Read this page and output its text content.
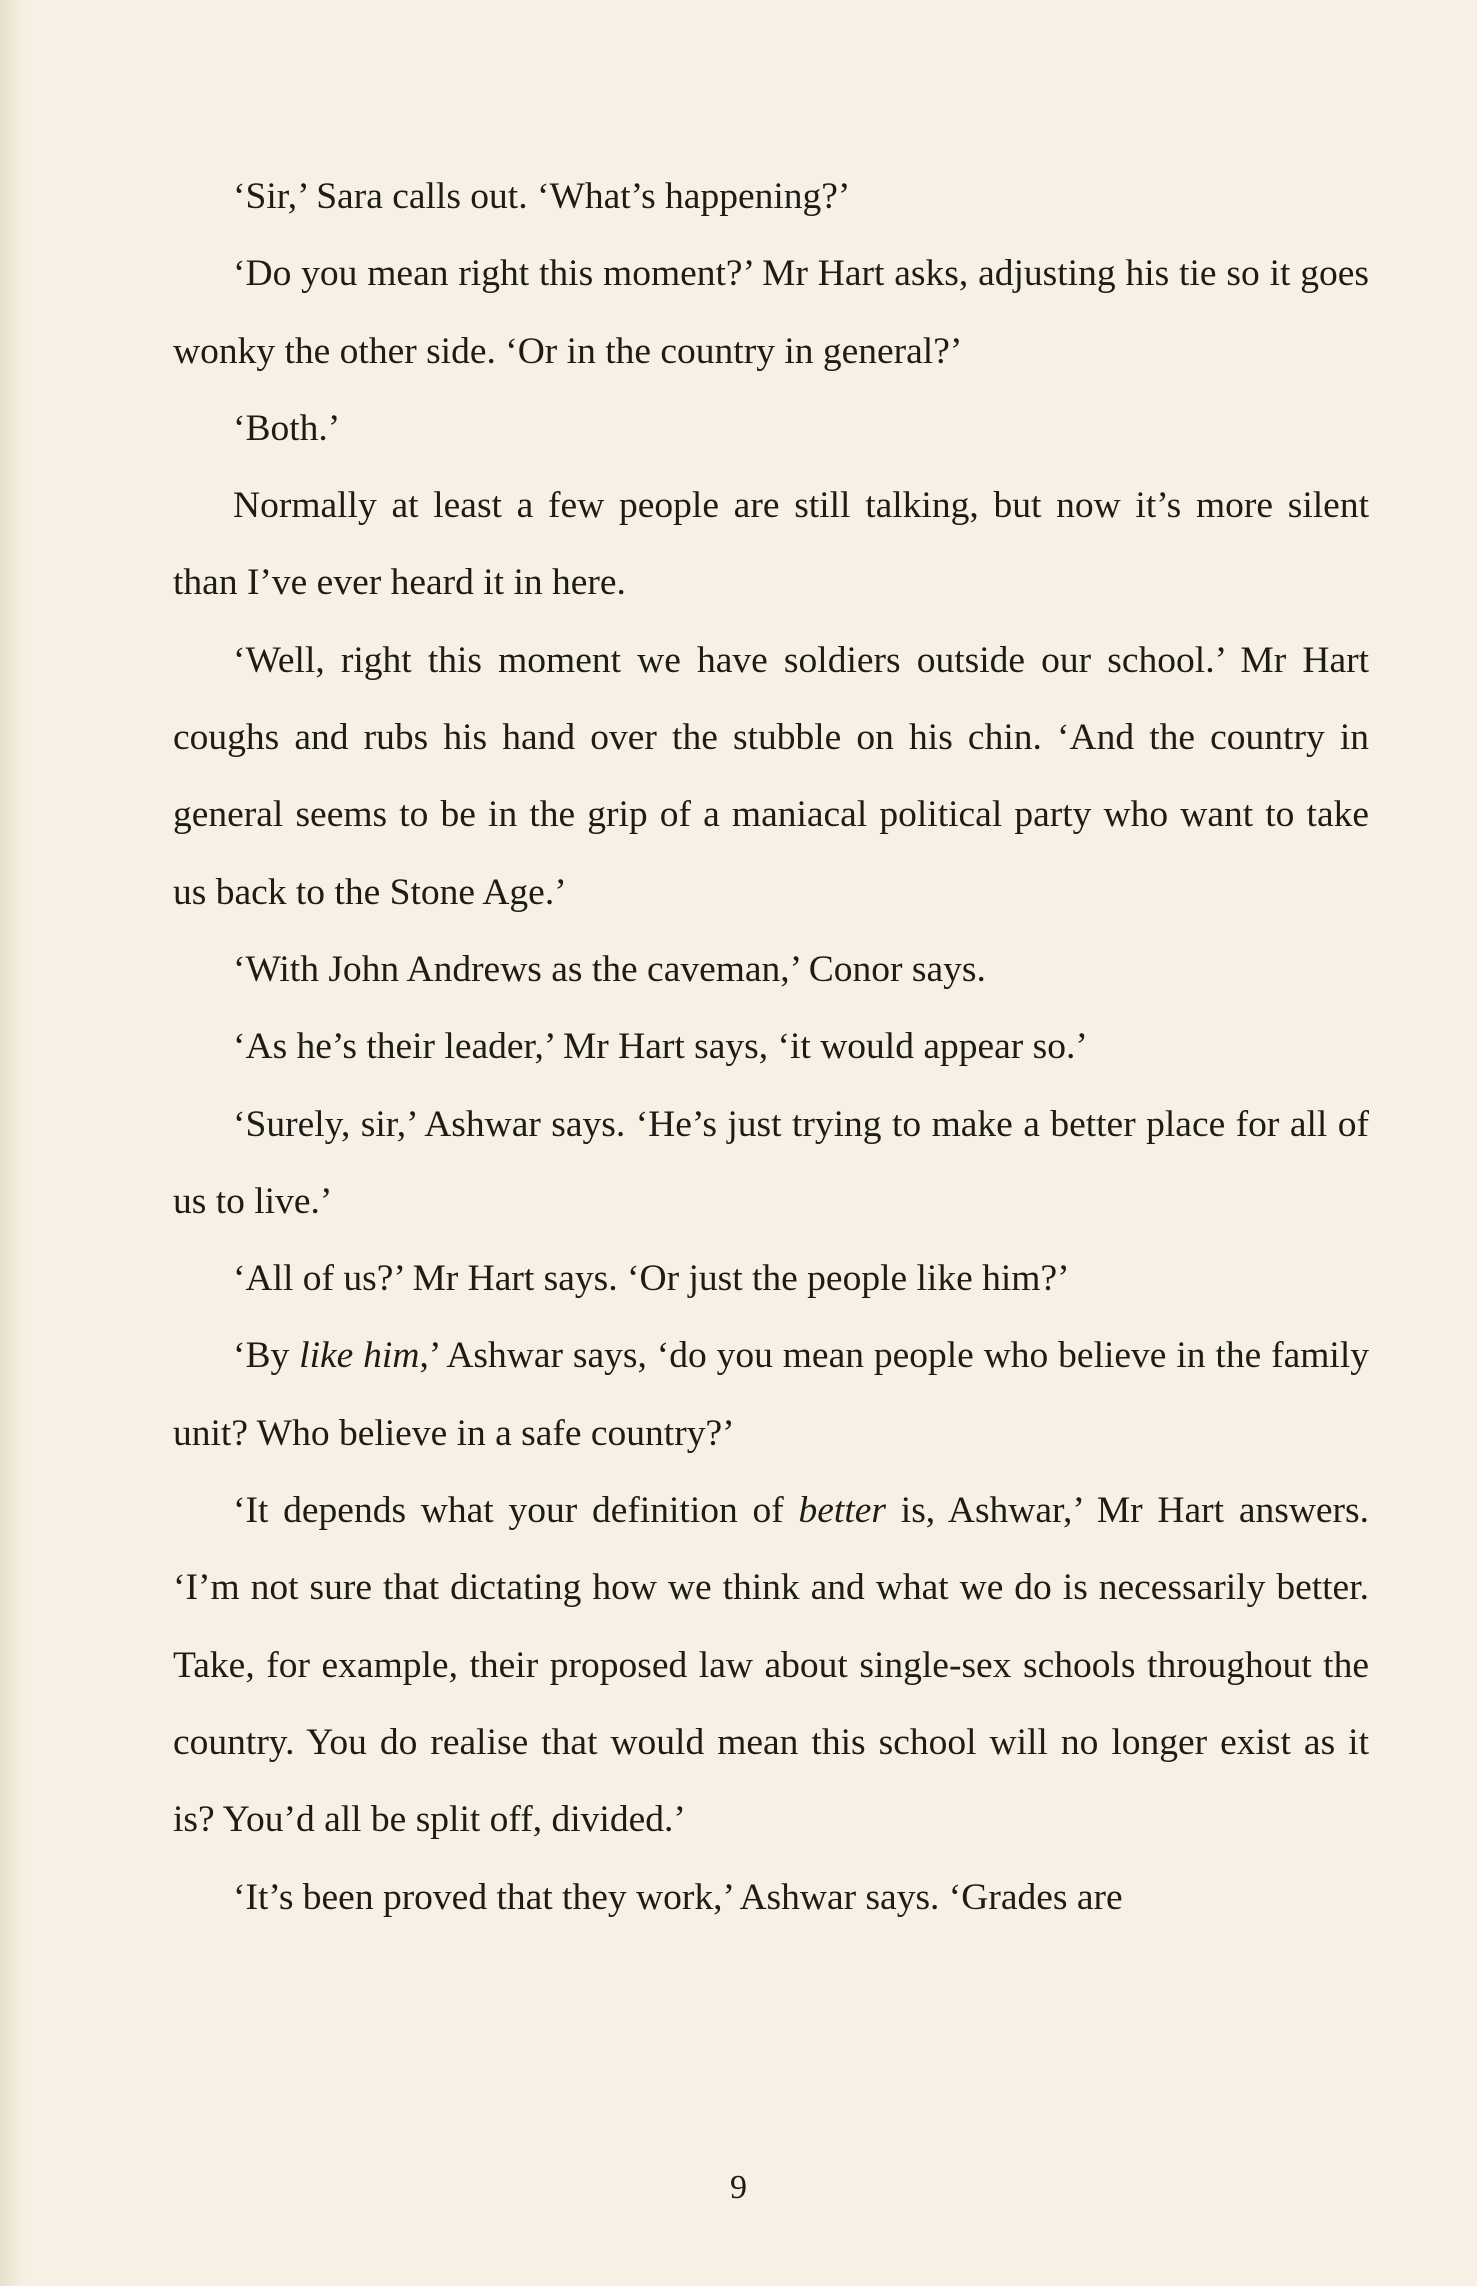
‘Sir,’ Sara calls out. ‘What’s happening?’

‘Do you mean right this moment?’ Mr Hart asks, adjusting his tie so it goes wonky the other side. ‘Or in the country in general?’

‘Both.’

Normally at least a few people are still talking, but now it’s more silent than I’ve ever heard it in here.

‘Well, right this moment we have soldiers outside our school.’ Mr Hart coughs and rubs his hand over the stubble on his chin. ‘And the country in general seems to be in the grip of a maniacal political party who want to take us back to the Stone Age.’

‘With John Andrews as the caveman,’ Conor says.

‘As he’s their leader,’ Mr Hart says, ‘it would appear so.’

‘Surely, sir,’ Ashwar says. ‘He’s just trying to make a better place for all of us to live.’

‘All of us?’ Mr Hart says. ‘Or just the people like him?’

‘By like him,’ Ashwar says, ‘do you mean people who believe in the family unit? Who believe in a safe country?’

‘It depends what your definition of better is, Ashwar,’ Mr Hart answers. ‘I’m not sure that dictating how we think and what we do is necessarily better. Take, for example, their proposed law about single-sex schools throughout the country. You do realise that would mean this school will no longer exist as it is? You’d all be split off, divided.’

‘It’s been proved that they work,’ Ashwar says. ‘Grades are

9
